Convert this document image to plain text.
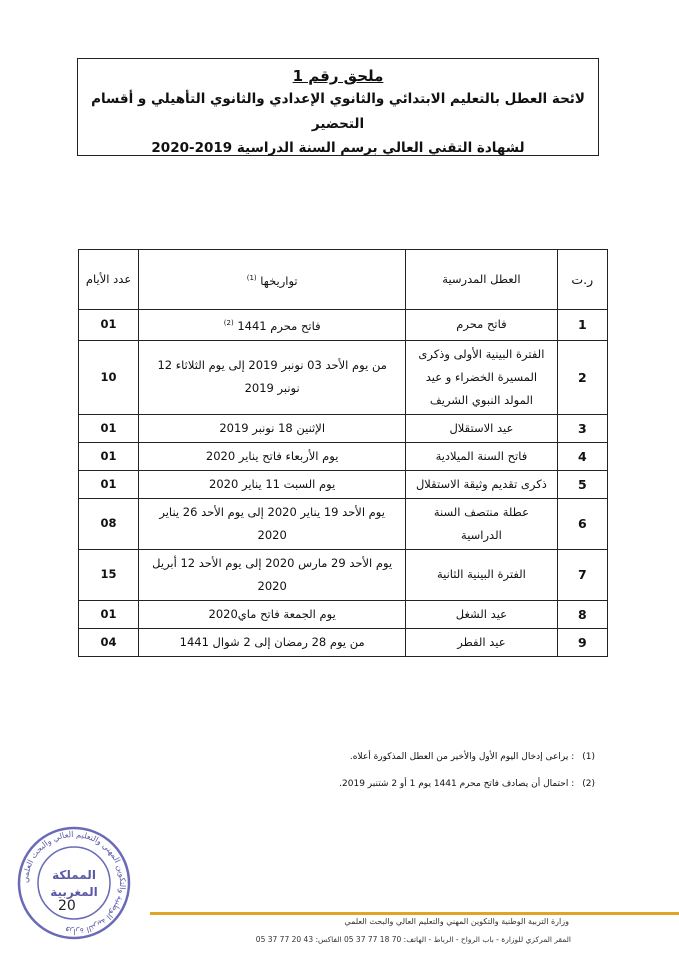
ملحق رقم 1
لائحة العطل بالتعليم الابتدائي والثانوي الإعدادي والثانوي التأهيلي و أقسام التحضير
لشهادة التقني العالي برسم السنة الدراسية 2019-2020
ر.ت	العطل المدرسية	تواريخها $^{(1)}$	عدد الأيام
1	فاتح محرم	فاتح محرم 1441 $^{(2)}$	01
2	الفترة البينية الأولى وذكرى المسيرة الخضراء و عيد المولد النبوي الشريف	من يوم الأحد 03 نونبر 2019 إلى يوم الثلاثاء 12 نونبر 2019	10
3	عيد الاستقلال	الإثنين 18 نونبر 2019	01
4	فاتح السنة الميلادية	يوم الأربعاء فاتح يناير 2020	01
5	ذكرى تقديم وثيقة الاستقلال	يوم السبت 11 يناير 2020	01
6	عطلة منتصف السنة الدراسية	يوم الأحد 19 يناير 2020 إلى يوم الأحد 26 يناير 2020	08
7	الفترة البينية الثانية	يوم الأحد 29 مارس 2020 إلى يوم الأحد 12 أبريل 2020	15
8	عيد الشغل	يوم الجمعة فاتح ماي2020	01
9	عيد الفطر	من يوم 28 رمضان إلى 2 شوال 1441	04
(1): يراعى إدخال اليوم الأول والأخير من العطل المذكورة أعلاه.
(2): احتمال أن يصادف فاتح محرم 1441 يوم 1 أو 2 شتنبر 2019.
وزارة التربية الوطنية والتكوين المهني والتعليم العالي والبحث العلمي
المملكة
المغربية
20
وزارة التربية الوطنية والتكوين المهني والتعليم العالي والبحث العلمي
المقر المركزي للوزارة - باب الرواح - الرباط - الهاتف: 70 18 77 37 05 الفاكس: 43 20 77 37 05
